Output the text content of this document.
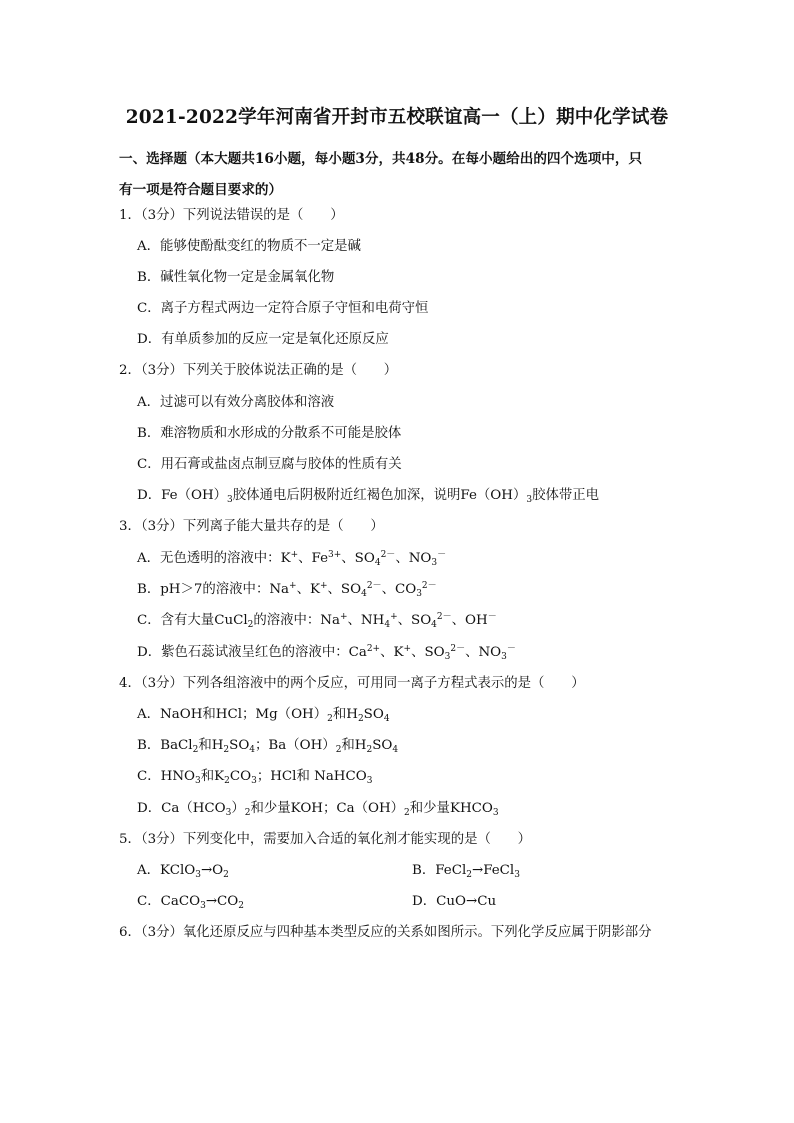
2021-2022学年河南省开封市五校联谊高一（上）期中化学试卷
一、选择题（本大题共16小题，每小题3分，共48分。在每小题给出的四个选项中，只
有一项是符合题目要求的）
1．（3分）下列说法错误的是（　　）
A．能够使酚酞变红的物质不一定是碱
B．碱性氧化物一定是金属氧化物
C．离子方程式两边一定符合原子守恒和电荷守恒
D．有单质参加的反应一定是氧化还原反应
2．（3分）下列关于胶体说法正确的是（　　）
A．过滤可以有效分离胶体和溶液
B．难溶物质和水形成的分散系不可能是胶体
C．用石膏或盐卤点制豆腐与胶体的性质有关
D．$Fe(OH)_3$胶体通电后阴极附近红褐色加深，说明$Fe(OH)_3$胶体带正电
3．（3分）下列离子能大量共存的是（　　）
A．无色透明的溶液中：K+、$Fe^{3+}$、$SO_4^{2-}$、$NO_3^-$
B．pH＞7的溶液中：Na+、K+、$SO_4^{2-}$、$CO_3^{2-}$
C．含有大量CuCl$_2$的溶液中：Na+、$NH_4^+$、$SO_4^{2-}$、OH－
D．紫色石蕊试液呈红色的溶液中：$Ca^{2+}$、K+、$SO_3^{2-}$、$NO_3^-$
4．（3分）下列各组溶液中的两个反应，可用同一离子方程式表示的是（　　）
A．NaOH和HCl；$Mg(OH)_2$和$H_2SO_4$
B．BaCl$_2$和$H_2SO_4$；$Ba(OH)_2$和$H_2SO_4$
C．$HNO_3$和$K_2CO_3$；HCl和 NaHCO$_3$
D．$Ca(HCO_3)_2$和少量KOH；$Ca(OH)_2$和少量$KHCO_3$
5．（3分）下列变化中，需要加入合适的氧化剂才能实现的是（　　）
A．$KClO_3\to O_2$	B．FeCl$_2$→FeCl$_3$
C．$CaCO_3\to CO_2$	D．CuO→Cu
6．（3分）氧化还原反应与四种基本类型反应的关系如图所示。下列化学反应属于阴影部分
